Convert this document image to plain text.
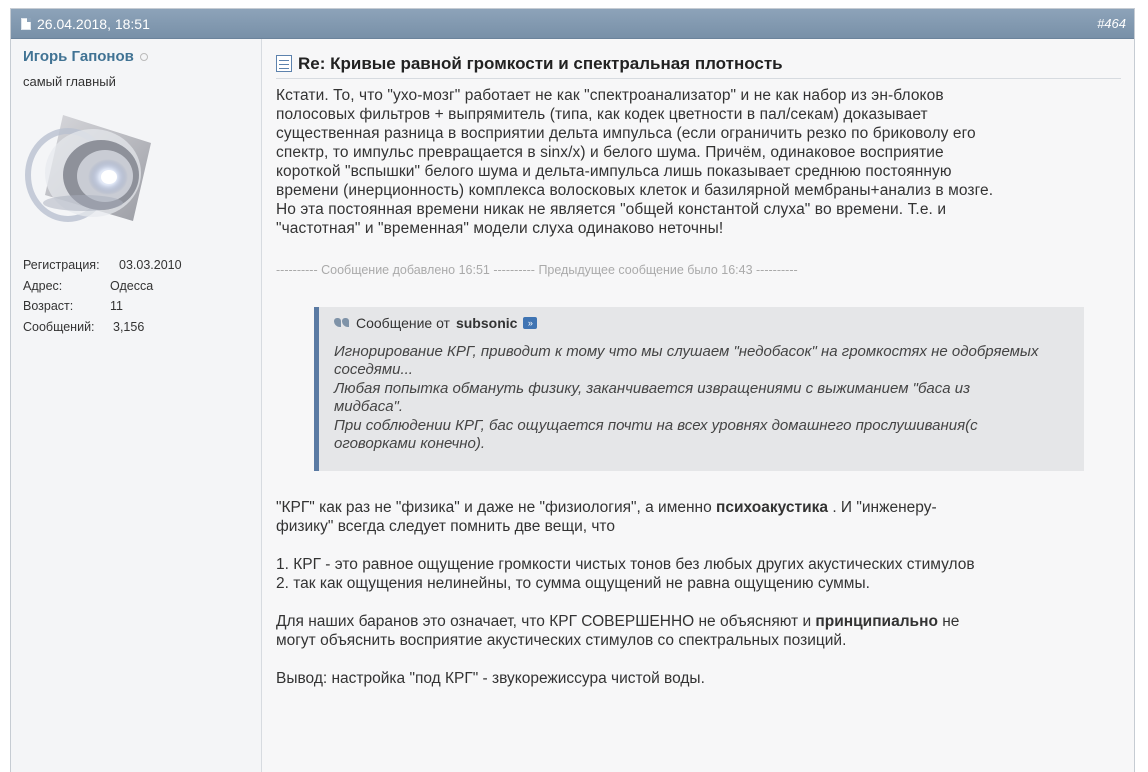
26.04.2018, 18:51	#464
Игорь Гапонов
самый главный
Регистрация:	03.03.2010
Адрес:	Одесса
Возраст:	11
Сообщений:	3,156
Re: Кривые равной громкости и спектральная плотность
Кстати. То, что "ухо-мозг" работает не как "спектроанализатор" и не как набор из эн-блоков
полосовых фильтров + выпрямитель (типа, как кодек цветности в пал/секам) доказывает
существенная разница в восприятии дельта импульса (если ограничить резко по бриковолу его
спектр, то импульс превращается в sinx/x) и белого шума. Причём, одинаковое восприятие
короткой "вспышки" белого шума и дельта-импульса лишь показывает среднюю постоянную
времени (инерционность) комплекса волосковых клеток и базилярной мембраны+анализ в мозге.
Но эта постоянная времени никак не является "общей константой слуха" во времени. Т.е. и
"частотная" и "временная" модели слуха одинаково неточны!
---------- Сообщение добавлено 16:51 ---------- Предыдущее сообщение было 16:43 ----------
Сообщение от subsonic	»
Игнорирование КРГ, приводит к тому что мы слушаем "недобасок" на громкостях не одобряемых
соседями...
Любая попытка обмануть физику, заканчивается извращениями с выжиманием "баса из
мидбаса".
При соблюдении КРГ, бас ощущается почти на всех уровнях домашнего прослушивания(с
оговорками конечно).
"КРГ" как раз не "физика" и даже не "физиология", а именно психоакустика . И "инженеру-
физику" всегда следует помнить две вещи, что
1. КРГ - это равное ощущение громкости чистых тонов без любых других акустических стимулов
2. так как ощущения нелинейны, то сумма ощущений не равна ощущению суммы.
Для наших баранов это означает, что КРГ СОВЕРШЕННО не объясняют и принципиально не
могут объяснить восприятие акустических стимулов со спектральных позиций.
Вывод: настройка "под КРГ" - звукорежиссура чистой воды.
